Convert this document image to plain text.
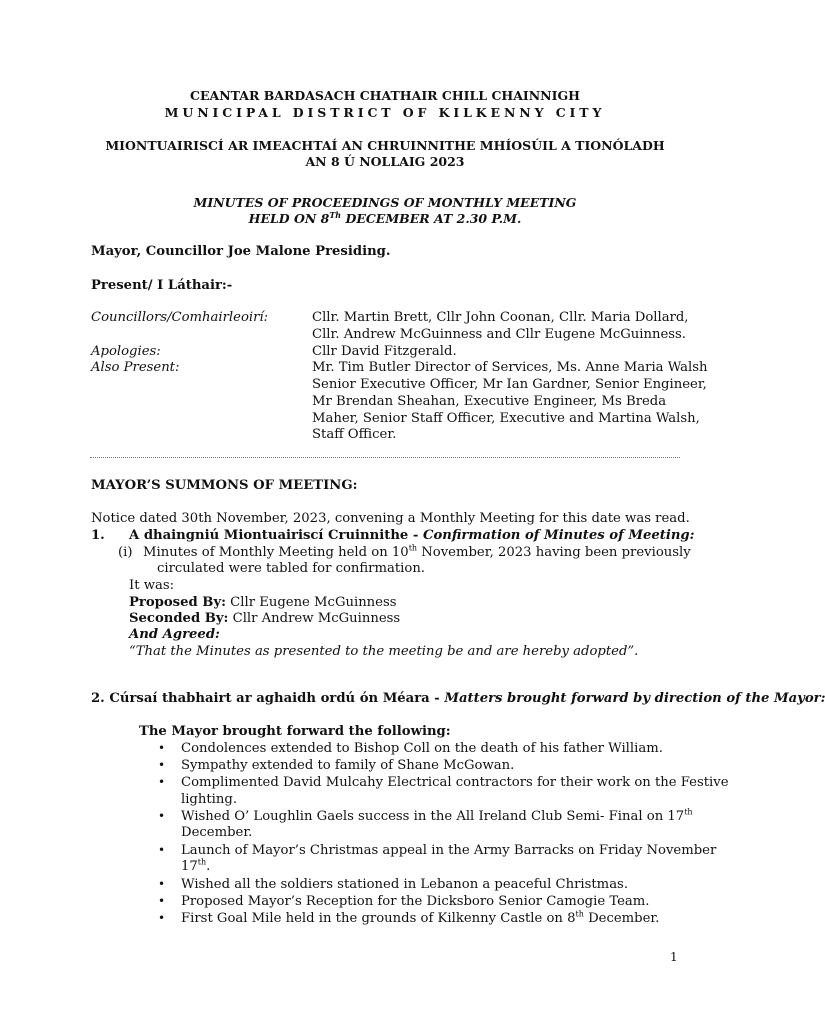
CEANTAR BARDASACH CHATHAIR CHILL CHAINNIGH
MUNICIPAL DISTRICT OF KILKENNY CITY
MIONTUAIRISCÍ AR IMEACHTAÍ AN CHRUINNITHE MHÍOSÚIL A TIONÓLADH
AN 8 Ú NOLLAIG 2023
MINUTES OF PROCEEDINGS OF MONTHLY MEETING
HELD ON 8Th DECEMBER AT 2.30 P.M.
Mayor, Councillor Joe Malone Presiding.
Present/ I Láthair:-
Councillors/Comhairleoirí:	Cllr. Martin Brett, Cllr John Coonan, Cllr. Maria Dollard,
Cllr. Andrew McGuinness and Cllr Eugene McGuinness.
Apologies:	Cllr David Fitzgerald.
Also Present:	Mr. Tim Butler Director of Services, Ms. Anne Maria Walsh
Senior Executive Officer, Mr Ian Gardner, Senior Engineer,
Mr Brendan Sheahan, Executive Engineer, Ms Breda
Maher, Senior Staff Officer, Executive and Martina Walsh,
Staff Officer.
MAYOR’S SUMMONS OF MEETING:
Notice dated 30th November, 2023, convening a Monthly Meeting for this date was read.
1. A dhaingniú Miontuairiscí Cruinnithe - Confirmation of Minutes of Meeting:
(i) Minutes of Monthly Meeting held on 10th November, 2023 having been previously
circulated were tabled for confirmation.
It was:
Proposed By: Cllr Eugene McGuinness
Seconded By: Cllr Andrew McGuinness
And Agreed:
“That the Minutes as presented to the meeting be and are hereby adopted”.
2. Cúrsaí thabhairt ar aghaidh ordú ón Méara - Matters brought forward by direction of the Mayor:
The Mayor brought forward the following:
• Condolences extended to Bishop Coll on the death of his father William.
• Sympathy extended to family of Shane McGowan.
• Complimented David Mulcahy Electrical contractors for their work on the Festive
lighting.
• Wished O’ Loughlin Gaels success in the All Ireland Club Semi- Final on 17th
December.
• Launch of Mayor’s Christmas appeal in the Army Barracks on Friday November
17th.
• Wished all the soldiers stationed in Lebanon a peaceful Christmas.
• Proposed Mayor’s Reception for the Dicksboro Senior Camogie Team.
• First Goal Mile held in the grounds of Kilkenny Castle on 8th December.
1
